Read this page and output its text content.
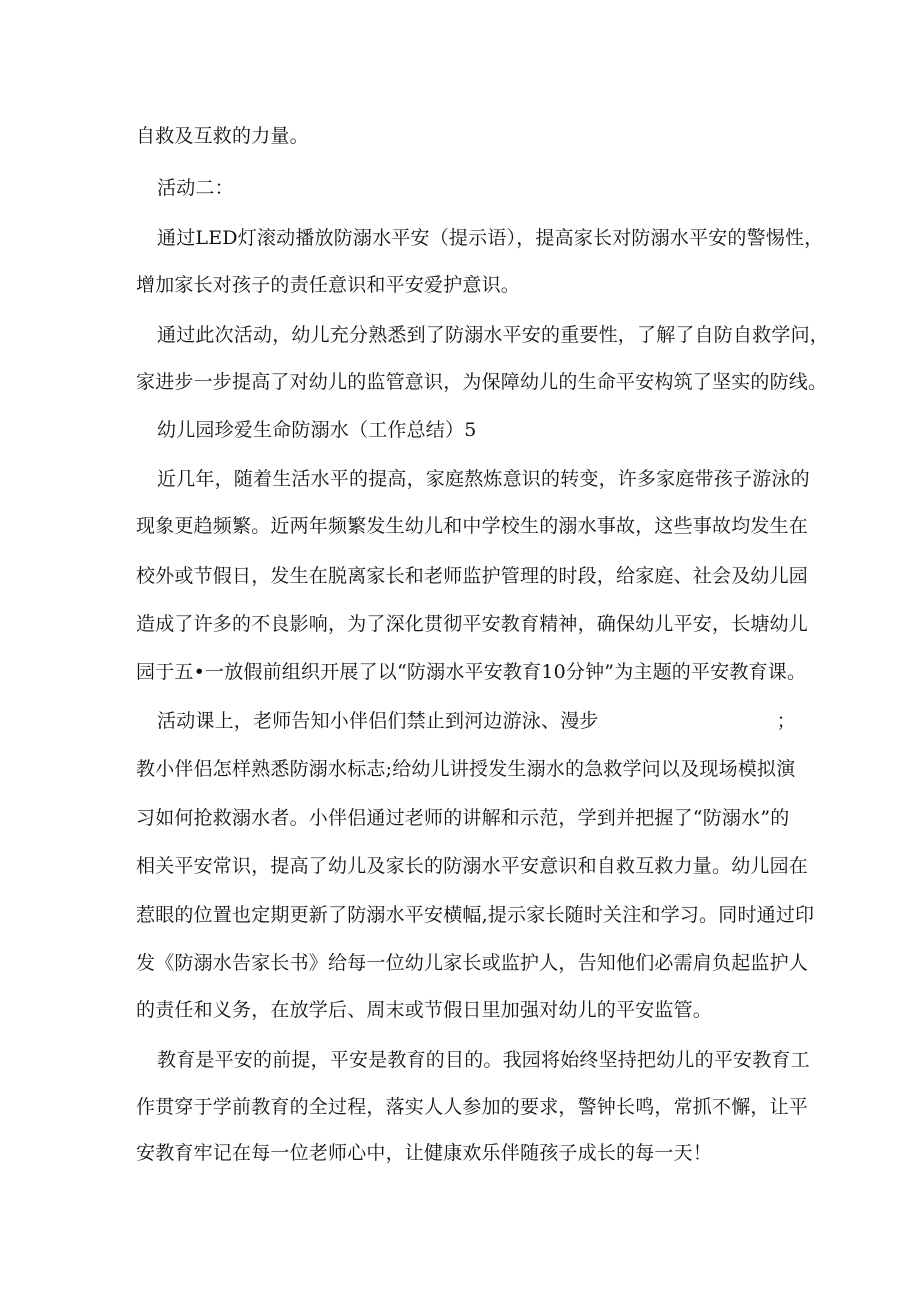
自救及互救的力量。
活动二：
通过LED灯滚动播放防溺水平安（提示语），提高家长对防溺水平安的警惕性，
增加家长对孩子的责任意识和平安爱护意识。
通过此次活动，幼儿充分熟悉到了防溺水平安的重要性，了解了自防自救学问，
家进步一步提高了对幼儿的监管意识，为保障幼儿的生命平安构筑了坚实的防线。
幼儿园珍爱生命防溺水（工作总结）5
近几年，随着生活水平的提高，家庭熬炼意识的转变，许多家庭带孩子游泳的
现象更趋频繁。近两年频繁发生幼儿和中学校生的溺水事故，这些事故均发生在
校外或节假日，发生在脱离家长和老师监护管理的时段，给家庭、社会及幼儿园
造成了许多的不良影响，为了深化贯彻平安教育精神，确保幼儿平安，长塘幼儿
园于五•一放假前组织开展了以“防溺水平安教育10分钟”为主题的平安教育课。
活动课上，老师告知小伴侣们禁止到河边游泳、漫步	；
教小伴侣怎样熟悉防溺水标志;给幼儿讲授发生溺水的急救学问以及现场模拟演
习如何抢救溺水者。小伴侣通过老师的讲解和示范，学到并把握了“防溺水”的
相关平安常识，提高了幼儿及家长的防溺水平安意识和自救互救力量。幼儿园在
惹眼的位置也定期更新了防溺水平安横幅,提示家长随时关注和学习。同时通过印
发《防溺水告家长书》给每一位幼儿家长或监护人，告知他们必需肩负起监护人
的责任和义务，在放学后、周末或节假日里加强对幼儿的平安监管。
教育是平安的前提，平安是教育的目的。我园将始终坚持把幼儿的平安教育工
作贯穿于学前教育的全过程，落实人人参加的要求，警钟长鸣，常抓不懈，让平
安教育牢记在每一位老师心中，让健康欢乐伴随孩子成长的每一天！
